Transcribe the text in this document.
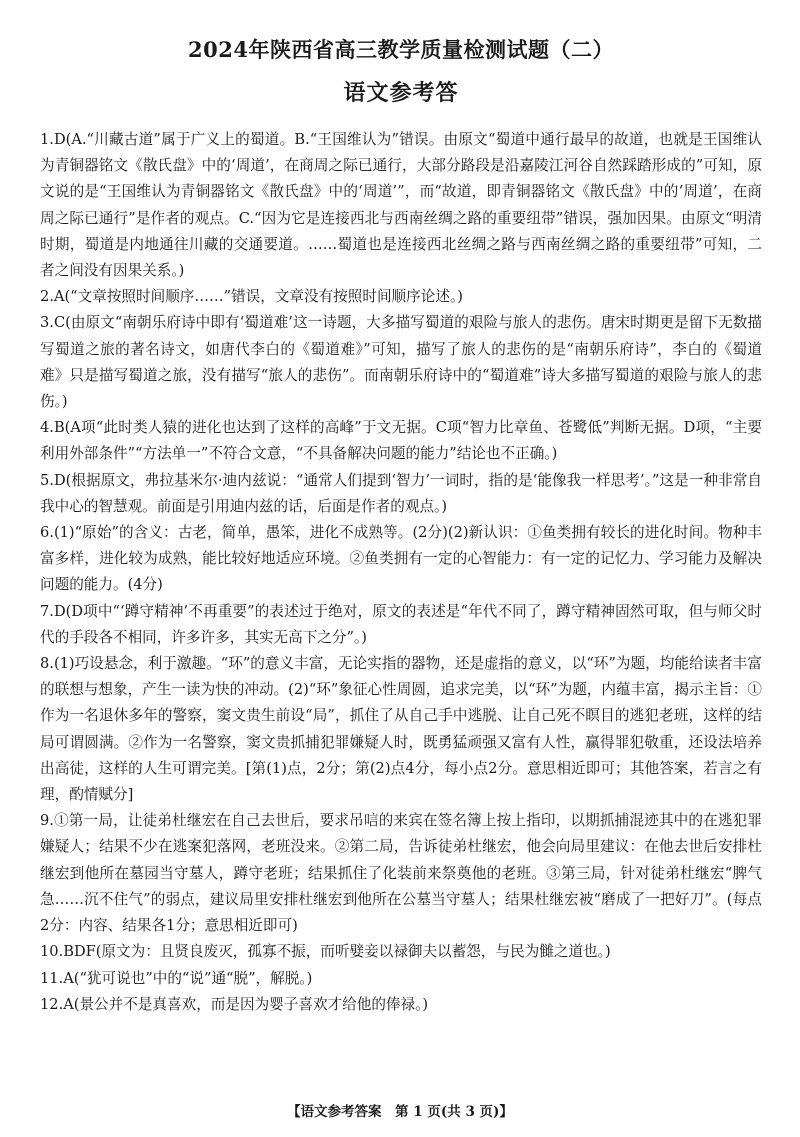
2024年陕西省高三教学质量检测试题（二）
语文参考答

1.D(A.“川藏古道”属于广义上的蜀道。B.“王国维认为”错误。由原文“蜀道中通行最早的故道，也就是王国维认为青铜器铭文《散氏盘》中的‘周道’，在商周之际已通行，大部分路段是沿嘉陵江河谷自然踩踏形成的”可知，原文说的是“王国维认为青铜器铭文《散氏盘》中的‘周道’”，而“故道，即青铜器铭文《散氏盘》中的‘周道’，在商周之际已通行”是作者的观点。C.“因为它是连接西北与西南丝绸之路的重要纽带”错误，强加因果。由原文“明清时期，蜀道是内地通往川藏的交通要道。……蜀道也是连接西北丝绸之路与西南丝绸之路的重要纽带”可知，二者之间没有因果关系。)

2.A(“文章按照时间顺序……”错误，文章没有按照时间顺序论述。)

3.C(由原文“南朝乐府诗中即有‘蜀道难’这一诗题，大多描写蜀道的艰险与旅人的悲伤。唐宋时期更是留下无数描写蜀道之旅的著名诗文，如唐代李白的《蜀道难》”可知，描写了旅人的悲伤的是“南朝乐府诗”，李白的《蜀道难》只是描写蜀道之旅，没有描写“旅人的悲伤”。而南朝乐府诗中的“蜀道难”诗大多描写蜀道的艰险与旅人的悲伤。)

4.B(A项“此时类人猿的进化也达到了这样的高峰”于文无据。C项“智力比章鱼、苍鹭低”判断无据。D项，“主要利用外部条件”“方法单一”不符合文意，“不具备解决问题的能力”结论也不正确。)

5.D(根据原文，弗拉基米尔·迪内兹说：“通常人们提到‘智力’一词时，指的是‘能像我一样思考’。”这是一种非常自我中心的智慧观。前面是引用迪内兹的话，后面是作者的观点。)

6.(1)“原始”的含义：古老，简单，愚笨，进化不成熟等。(2分)(2)新认识：①鱼类拥有较长的进化时间。物种丰富多样，进化较为成熟，能比较好地适应环境。②鱼类拥有一定的心智能力：有一定的记忆力、学习能力及解决问题的能力。(4分)

7.D(D项中“‘蹲守精神’不再重要”的表述过于绝对，原文的表述是“年代不同了，蹲守精神固然可取，但与师父时代的手段各不相同，许多许多，其实无高下之分”。)

8.(1)巧设悬念，利于激趣。“环”的意义丰富，无论实指的器物，还是虚指的意义，以“环”为题，均能给读者丰富的联想与想象，产生一读为快的冲动。(2)“环”象征心性周圆，追求完美，以“环”为题，内蕴丰富，揭示主旨：①作为一名退休多年的警察，窦文贵生前设“局”，抓住了从自己手中逃脱、让自己死不瞑目的逃犯老班，这样的结局可谓圆满。②作为一名警察，窦文贵抓捕犯罪嫌疑人时，既勇猛顽强又富有人性，赢得罪犯敬重，还设法培养出高徒，这样的人生可谓完美。[第(1)点，2分；第(2)点4分，每小点2分。意思相近即可；其他答案，若言之有理，酌情赋分]

9.①第一局，让徒弟杜继宏在自己去世后，要求吊唁的来宾在签名簿上按上指印，以期抓捕混迹其中的在逃犯罪嫌疑人；结果不少在逃案犯落网，老班没来。②第二局，告诉徒弟杜继宏，他会向局里建议：在他去世后安排杜继宏到他所在墓园当守墓人，蹲守老班；结果抓住了化装前来祭奠他的老班。③第三局，针对徒弟杜继宏“脾气急……沉不住气”的弱点，建议局里安排杜继宏到他所在公墓当守墓人；结果杜继宏被“磨成了一把好刀”。(每点2分：内容、结果各1分；意思相近即可)

10.BDF(原文为：且贤良废灭，孤寡不振，而听嬖妾以禄御夫以蓄怨，与民为雠之道也。)

11.A(“犹可说也”中的“说”通“脱”，解脱。)

12.A(景公并不是真喜欢，而是因为婴子喜欢才给他的俸禄。)

【语文参考答案　第 1 页(共 3 页)】
